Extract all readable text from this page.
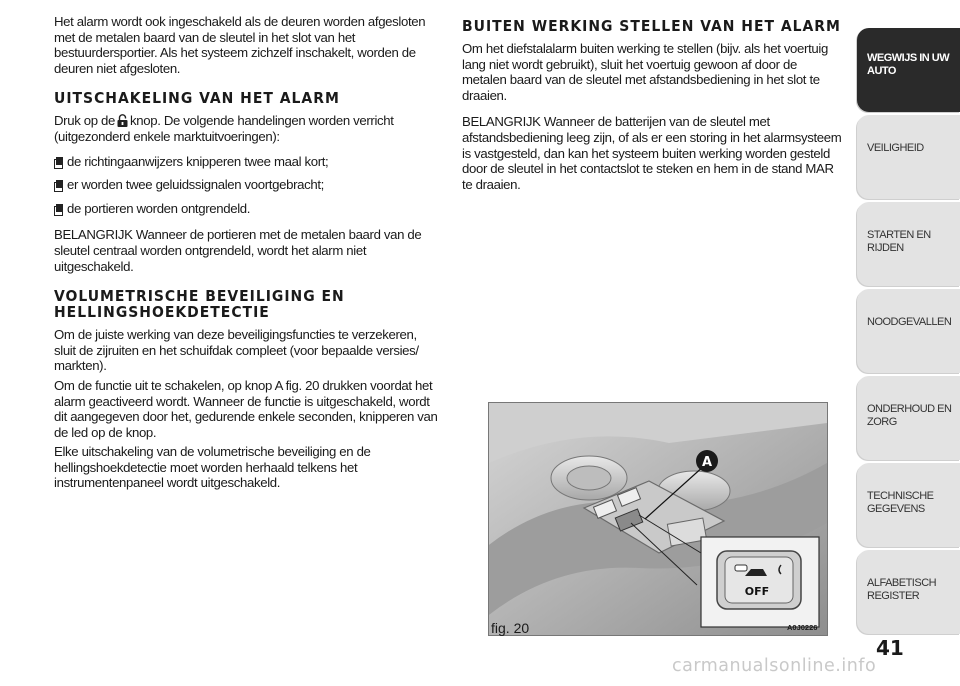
Het alarm wordt ook ingeschakeld als de deuren worden afgesloten met de metalen baard van de sleutel in het slot van het bestuurdersportier. Als het systeem zichzelf inschakelt, worden de deuren niet afgesloten.

UITSCHAKELING VAN HET ALARM

Druk op de knop. De volgende handelingen worden verricht (uitgezonderd enkele marktuitvoeringen):

de richtingaanwijzers knipperen twee maal kort;

er worden twee geluidssignalen voortgebracht;

de portieren worden ontgrendeld.

BELANGRIJK Wanneer de portieren met de metalen baard van de sleutel centraal worden ontgrendeld, wordt het alarm niet uitgeschakeld.

VOLUMETRISCHE BEVEILIGING EN HELLINGSHOEKDETECTIE

Om de juiste werking van deze beveiligingsfuncties te verzekeren, sluit de zijruiten en het schuifdak compleet (voor bepaalde versies/ markten).

Om de functie uit te schakelen, op knop A fig. 20 drukken voordat het alarm geactiveerd wordt. Wanneer de functie is uitgeschakeld, wordt dit aangegeven door het, gedurende enkele seconden, knipperen van de led op de knop.

Elke uitschakeling van de volumetrische beveiliging en de hellingshoekdetectie moet worden herhaald telkens het instrumentenpaneel wordt uitgeschakeld.

BUITEN WERKING STELLEN VAN HET ALARM

Om het diefstalalarm buiten werking te stellen (bijv. als het voertuig lang niet wordt gebruikt), sluit het voertuig gewoon af door de metalen baard van de sleutel met afstandsbediening in het slot te draaien.

BELANGRIJK Wanneer de batterijen van de sleutel met afstandsbediening leeg zijn, of als er een storing in het alarmsysteem is vastgesteld, dan kan het systeem buiten werking worden gesteld door de sleutel in het contactslot te steken en hem in de stand MAR te draaien.

A
OFF
fig. 20	A0J0226
WEGWIJS IN UW AUTO
VEILIGHEID
STARTEN EN RIJDEN
NOODGEVALLEN
ONDERHOUD EN ZORG
TECHNISCHE GEGEVENS
ALFABETISCH REGISTER
41
carmanualsonline.info
